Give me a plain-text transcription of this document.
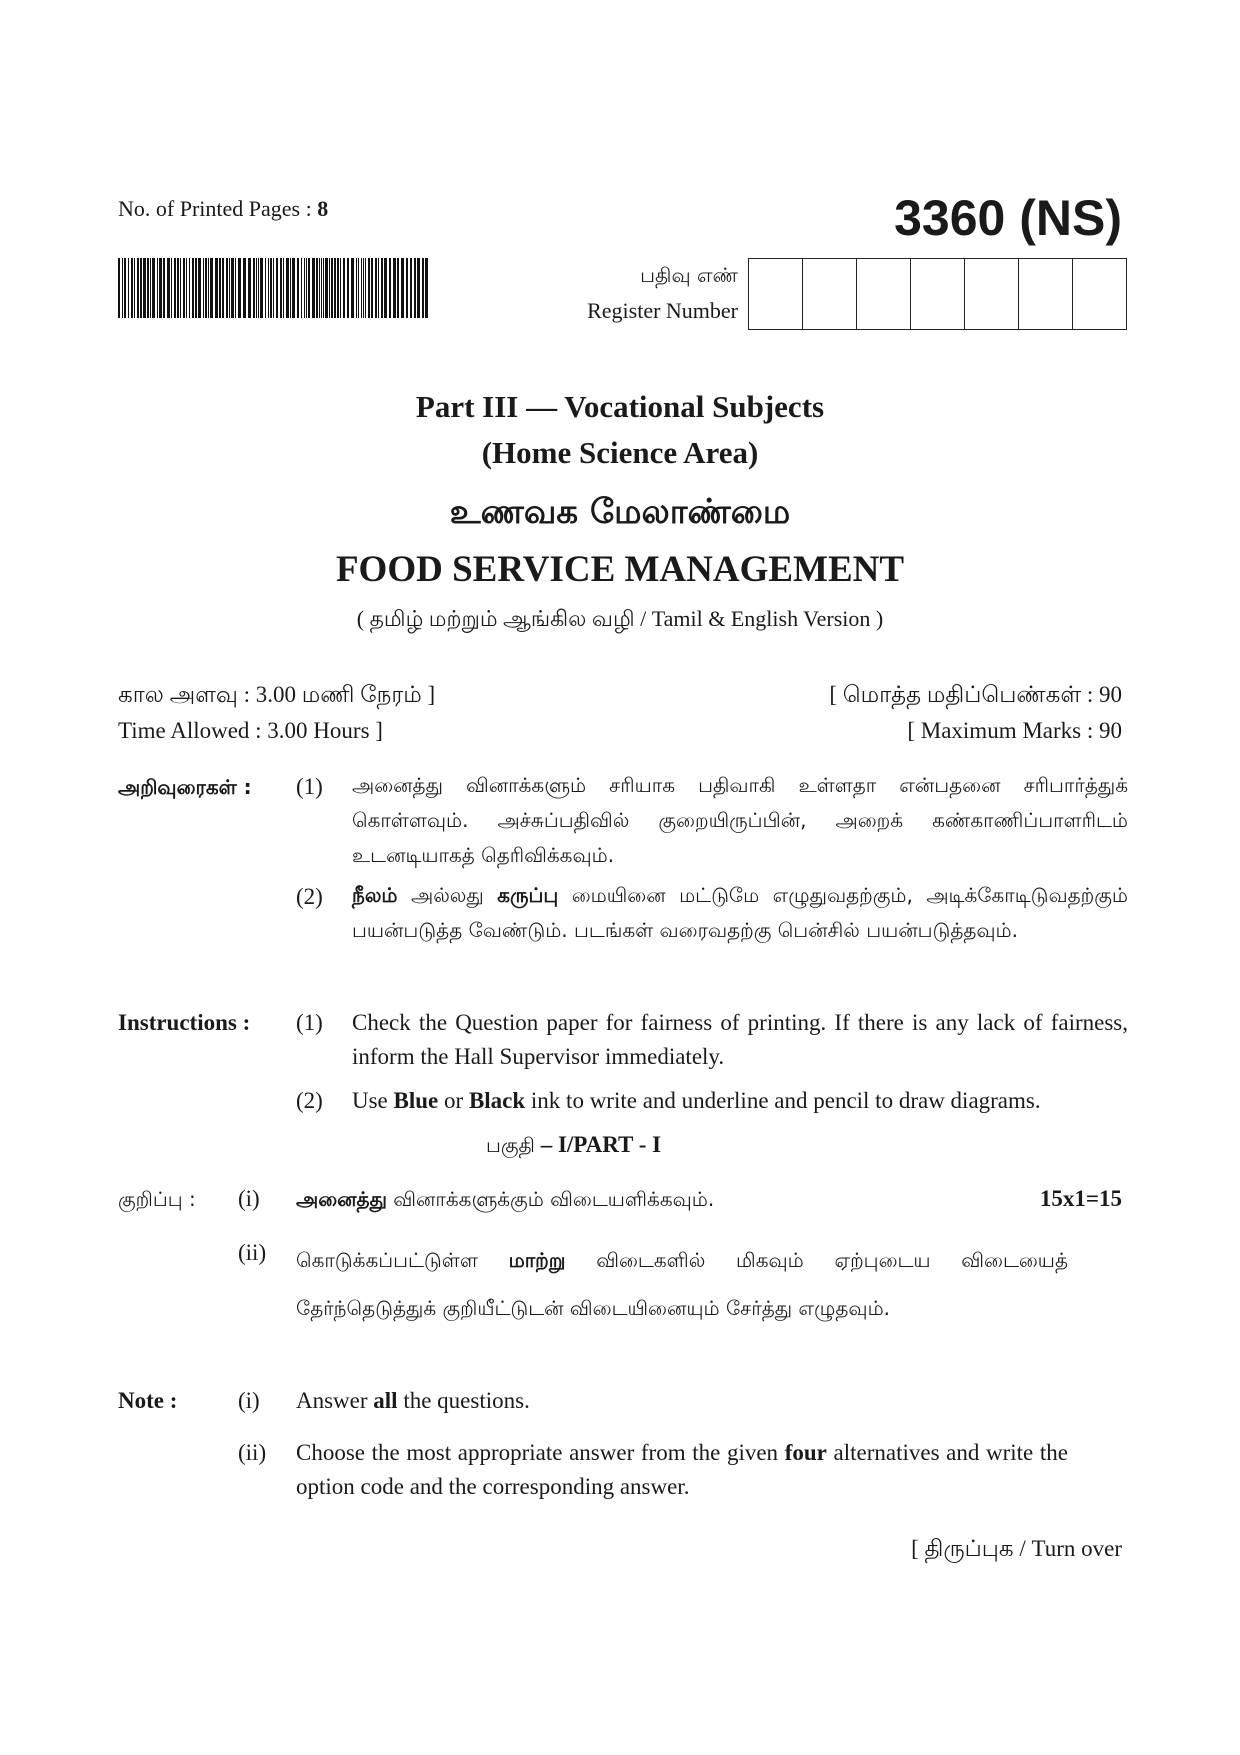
No. of Printed Pages : 8	3360 (NS)
பதிவு எண்
Register Number
Part III — Vocational Subjects
(Home Science Area)
உணவக மேலாண்மை
FOOD SERVICE MANAGEMENT
( தமிழ் மற்றும் ஆங்கில வழி / Tamil & English Version )
கால அளவு : 3.00 மணி நேரம் ]
Time Allowed : 3.00 Hours ]
[ மொத்த மதிப்பெண்கள் : 90
[ Maximum Marks : 90
அறிவுரைகள் : (1) அனைத்து வினாக்களும் சரியாக பதிவாகி உள்ளதா என்பதனை சரிபார்த்துக் கொள்ளவும். அச்சுப்பதிவில் குறையிருப்பின், அறைக் கண்காணிப்பாளரிடம் உடனடியாகத் தெரிவிக்கவும்.
(2) நீலம் அல்லது கருப்பு மையினை மட்டுமே எழுதுவதற்கும், அடிக்கோடிடுவதற்கும் பயன்படுத்த வேண்டும். படங்கள் வரைவதற்கு பென்சில் பயன்படுத்தவும்.
Instructions : (1) Check the Question paper for fairness of printing. If there is any lack of fairness, inform the Hall Supervisor immediately.
(2) Use Blue or Black ink to write and underline and pencil to draw diagrams.
பகுதி – I/PART - I
குறிப்பு : (i) அனைத்து வினாக்களுக்கும் விடையளிக்கவும்.	15x1=15
(ii) கொடுக்கப்பட்டுள்ள மாற்று விடைகளில் மிகவும் ஏற்புடைய விடையைத் தேர்ந்தெடுத்துக் குறியீட்டுடன் விடையினையும் சேர்த்து எழுதவும்.
Note :	(i) Answer all the questions.
(ii) Choose the most appropriate answer from the given four alternatives and write the option code and the corresponding answer.
[ திருப்புக / Turn over
